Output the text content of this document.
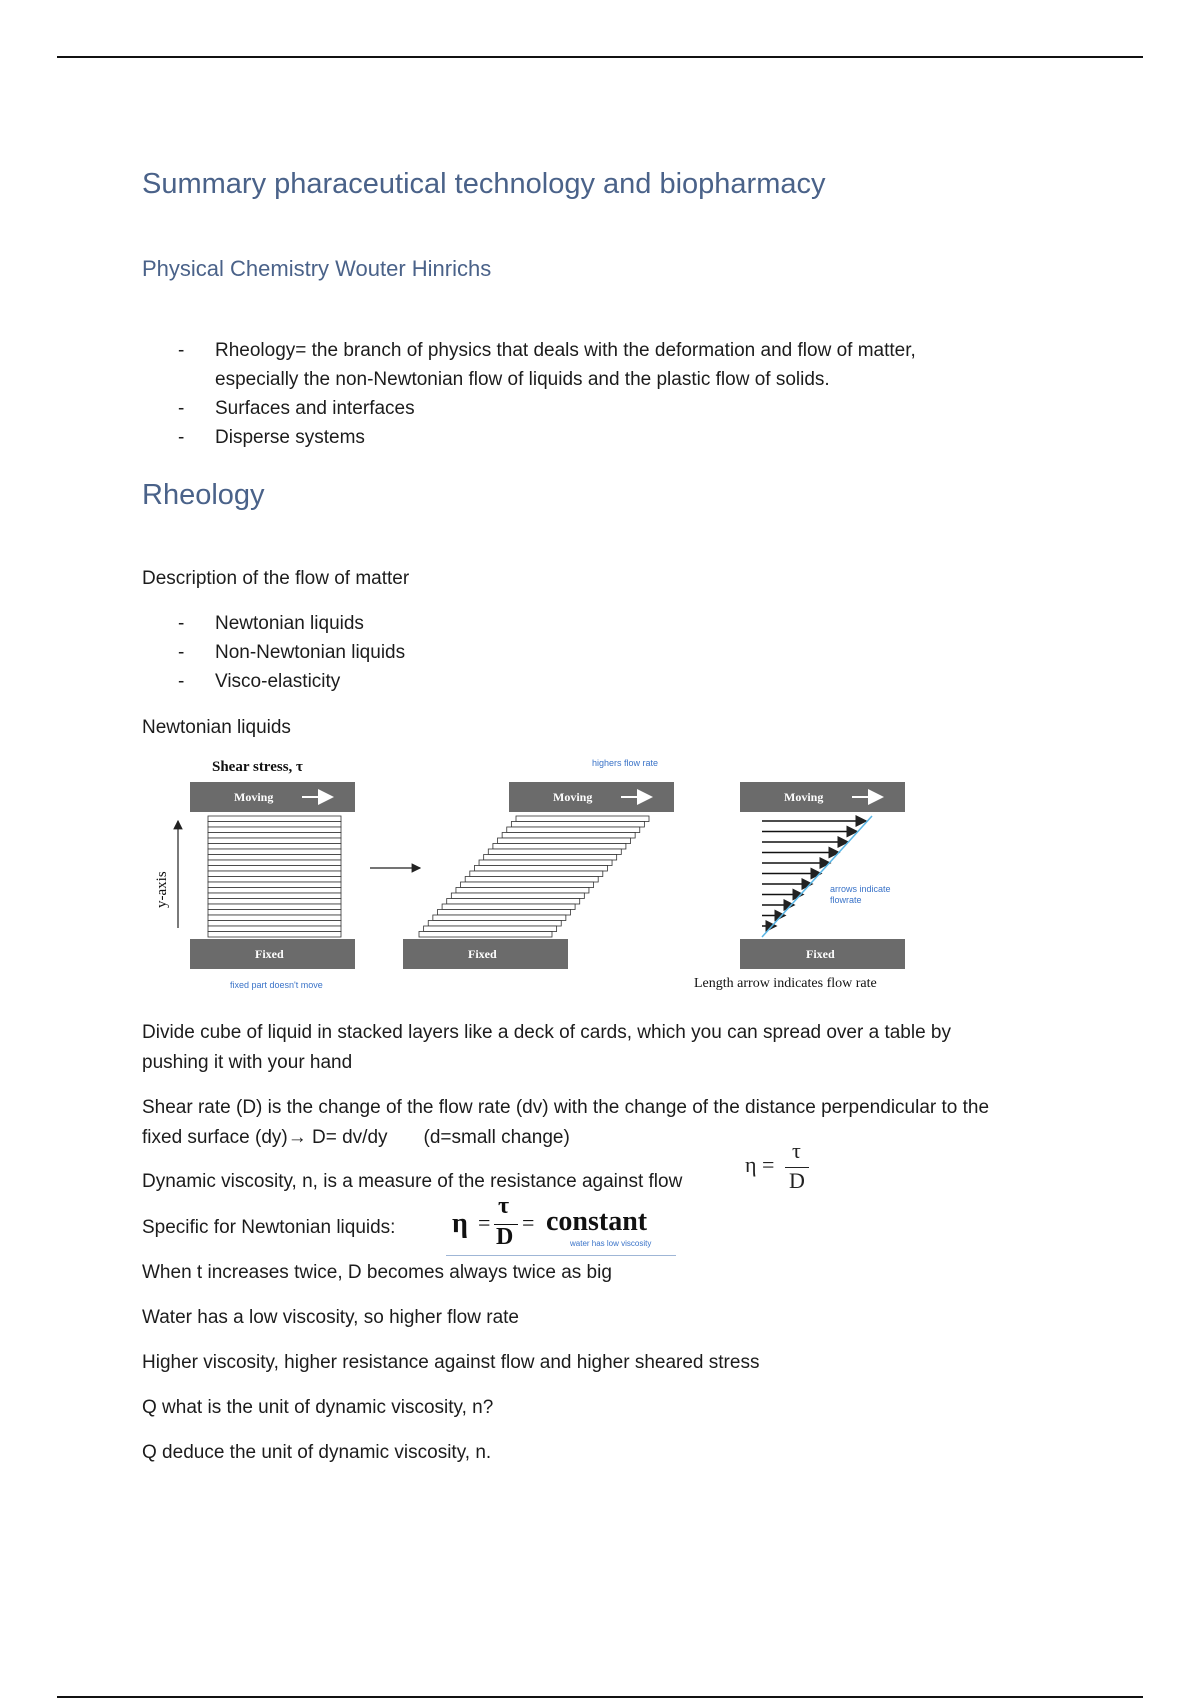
Summary pharaceutical technology and biopharmacy
Physical Chemistry Wouter Hinrichs
- Rheology= the branch of physics that deals with the deformation and flow of matter,
especially the non-Newtonian flow of liquids and the plastic flow of solids.
- Surfaces and interfaces
- Disperse systems
Rheology
Description of the flow of matter
- Newtonian liquids
- Non-Newtonian liquids
- Visco-elasticity
Newtonian liquids
Shear stress, τ
Moving
y-axis
Fixed
fixed part doesn't move
highers flow rate
Moving
Fixed
Moving
arrows indicate flowrate
Fixed
Length arrow indicates flow rate
Divide cube of liquid in stacked layers like a deck of cards, which you can spread over a table by
pushing it with your hand
Shear rate (D) is the change of the flow rate (dv) with the change of the distance perpendicular to the
fixed surface (dy)→ D= dv/dy (d=small change)
Dynamic viscosity, n, is a measure of the resistance against flow
η =
τ
D
Specific for Newtonian liquids: η =
τ
D
= constant
water has low viscosity
When t increases twice, D becomes always twice as big
Water has a low viscosity, so higher flow rate
Higher viscosity, higher resistance against flow and higher sheared stress
Q what is the unit of dynamic viscosity, n?
Q deduce the unit of dynamic viscosity, n.
